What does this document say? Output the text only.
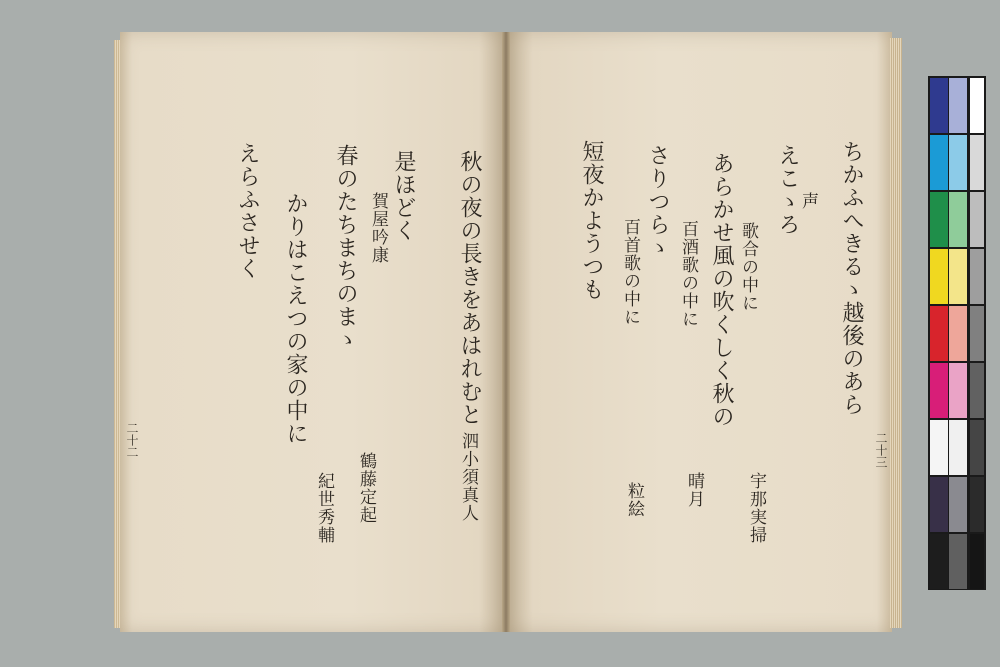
秋の夜の長きをあはれむと
泗小須真人
是ほどく
賀屋吟康
春のたちまちのまゝ
鶴藤定起
かりはこえつの家の中に
紀世秀輔
えらふさせく
二十二
ちかふへきるゝ越後のあら
声
えこゝろ
歌合の中に
あらかせ風の吹くしく秋の
百酒歌の中に
さりつらゝ
百首歌の中に
短夜かようつも
宇那実掃
晴月
粒絵
二十三
